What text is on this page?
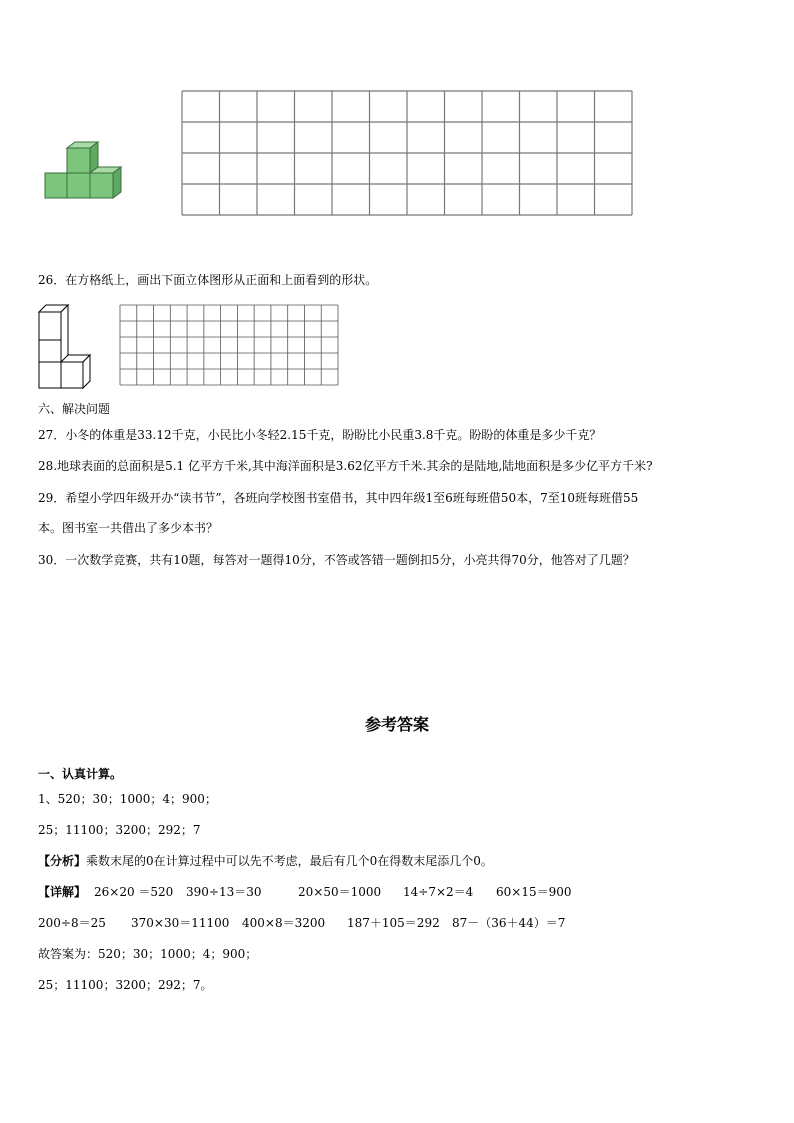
26．在方格纸上，画出下面立体图形从正面和上面看到的形状。
六、解决问题
27．小冬的体重是33.12千克，小民比小冬轻2.15千克，盼盼比小民重3.8千克。盼盼的体重是多少千克？
28.地球表面的总面积是5.1 亿平方千米,其中海洋面积是3.62亿平方千米.其余的是陆地,陆地面积是多少亿平方千米?
29．希望小学四年级开办“读书节”，各班向学校图书室借书，其中四年级1至6班每班借50本，7至10班每班借55
本。图书室一共借出了多少本书？
30．一次数学竞赛，共有10题，每答对一题得10分，不答或答错一题倒扣5分，小亮共得70分，他答对了几题？
参考答案
一、认真计算。
1、520；30；1000；4；900；
25；11100；3200；292；7
【分析】乘数末尾的0在计算过程中可以先不考虑，最后有几个0在得数末尾添几个0。
【详解】 26×20 ＝520 390÷13＝30	20×50＝1000 14÷7×2＝4 60×15＝900
200÷8＝25 370×30＝11100 400×8＝3200 187＋105＝292 87－（36＋44）＝7
故答案为：520；30；1000；4；900；
25；11100；3200；292；7。
